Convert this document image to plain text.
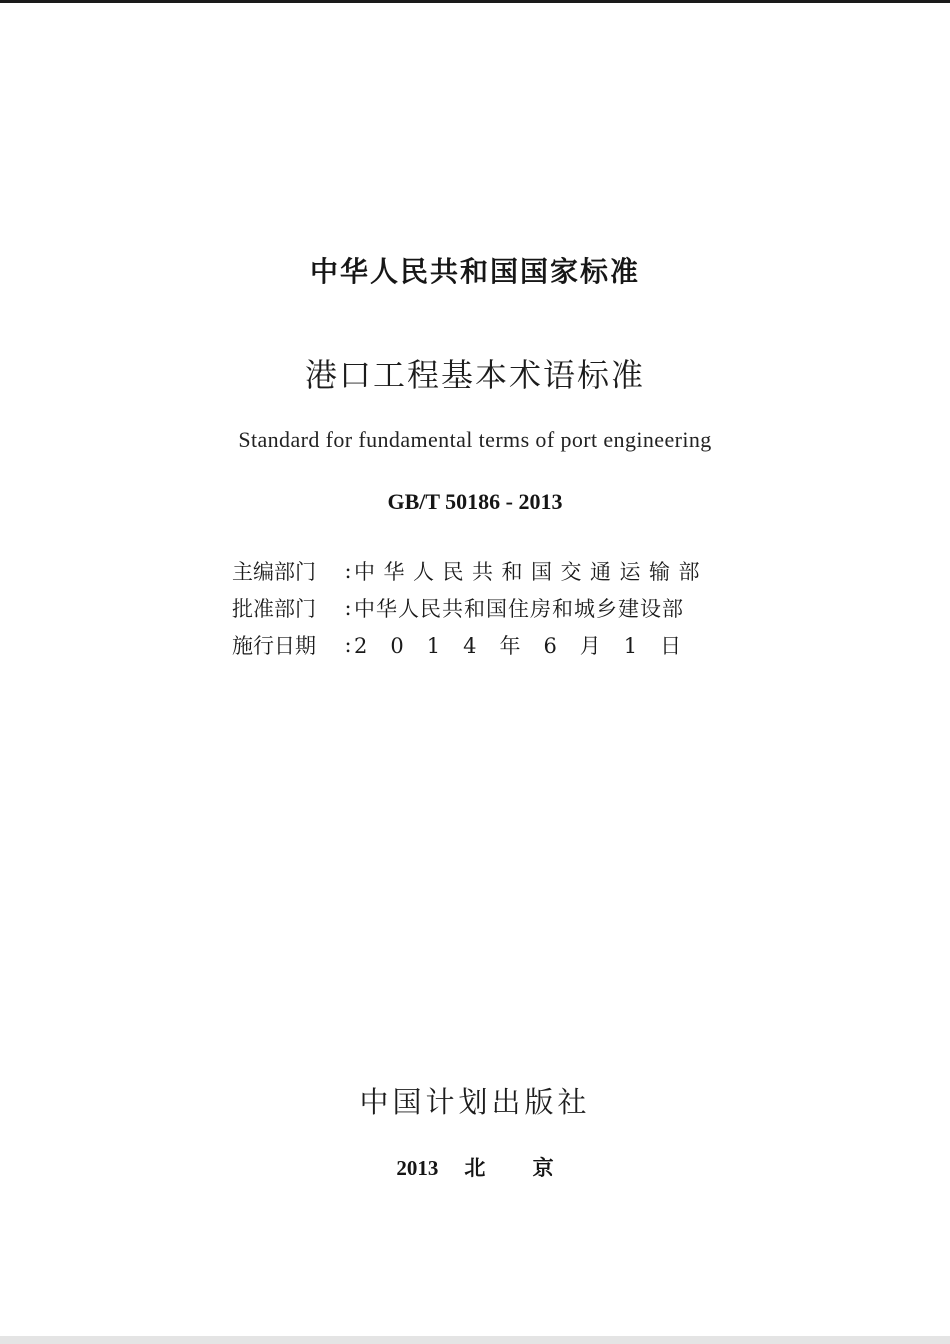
中华人民共和国国家标准
港口工程基本术语标准
Standard for fundamental terms of port engineering
GB/T 50186 - 2013
主编部门	: 中华人民共和国交通运输部
批准部门	: 中华人民共和国住房和城乡建设部
施行日期	: 2014年6月1日
中国计划出版社
2013 北 京
